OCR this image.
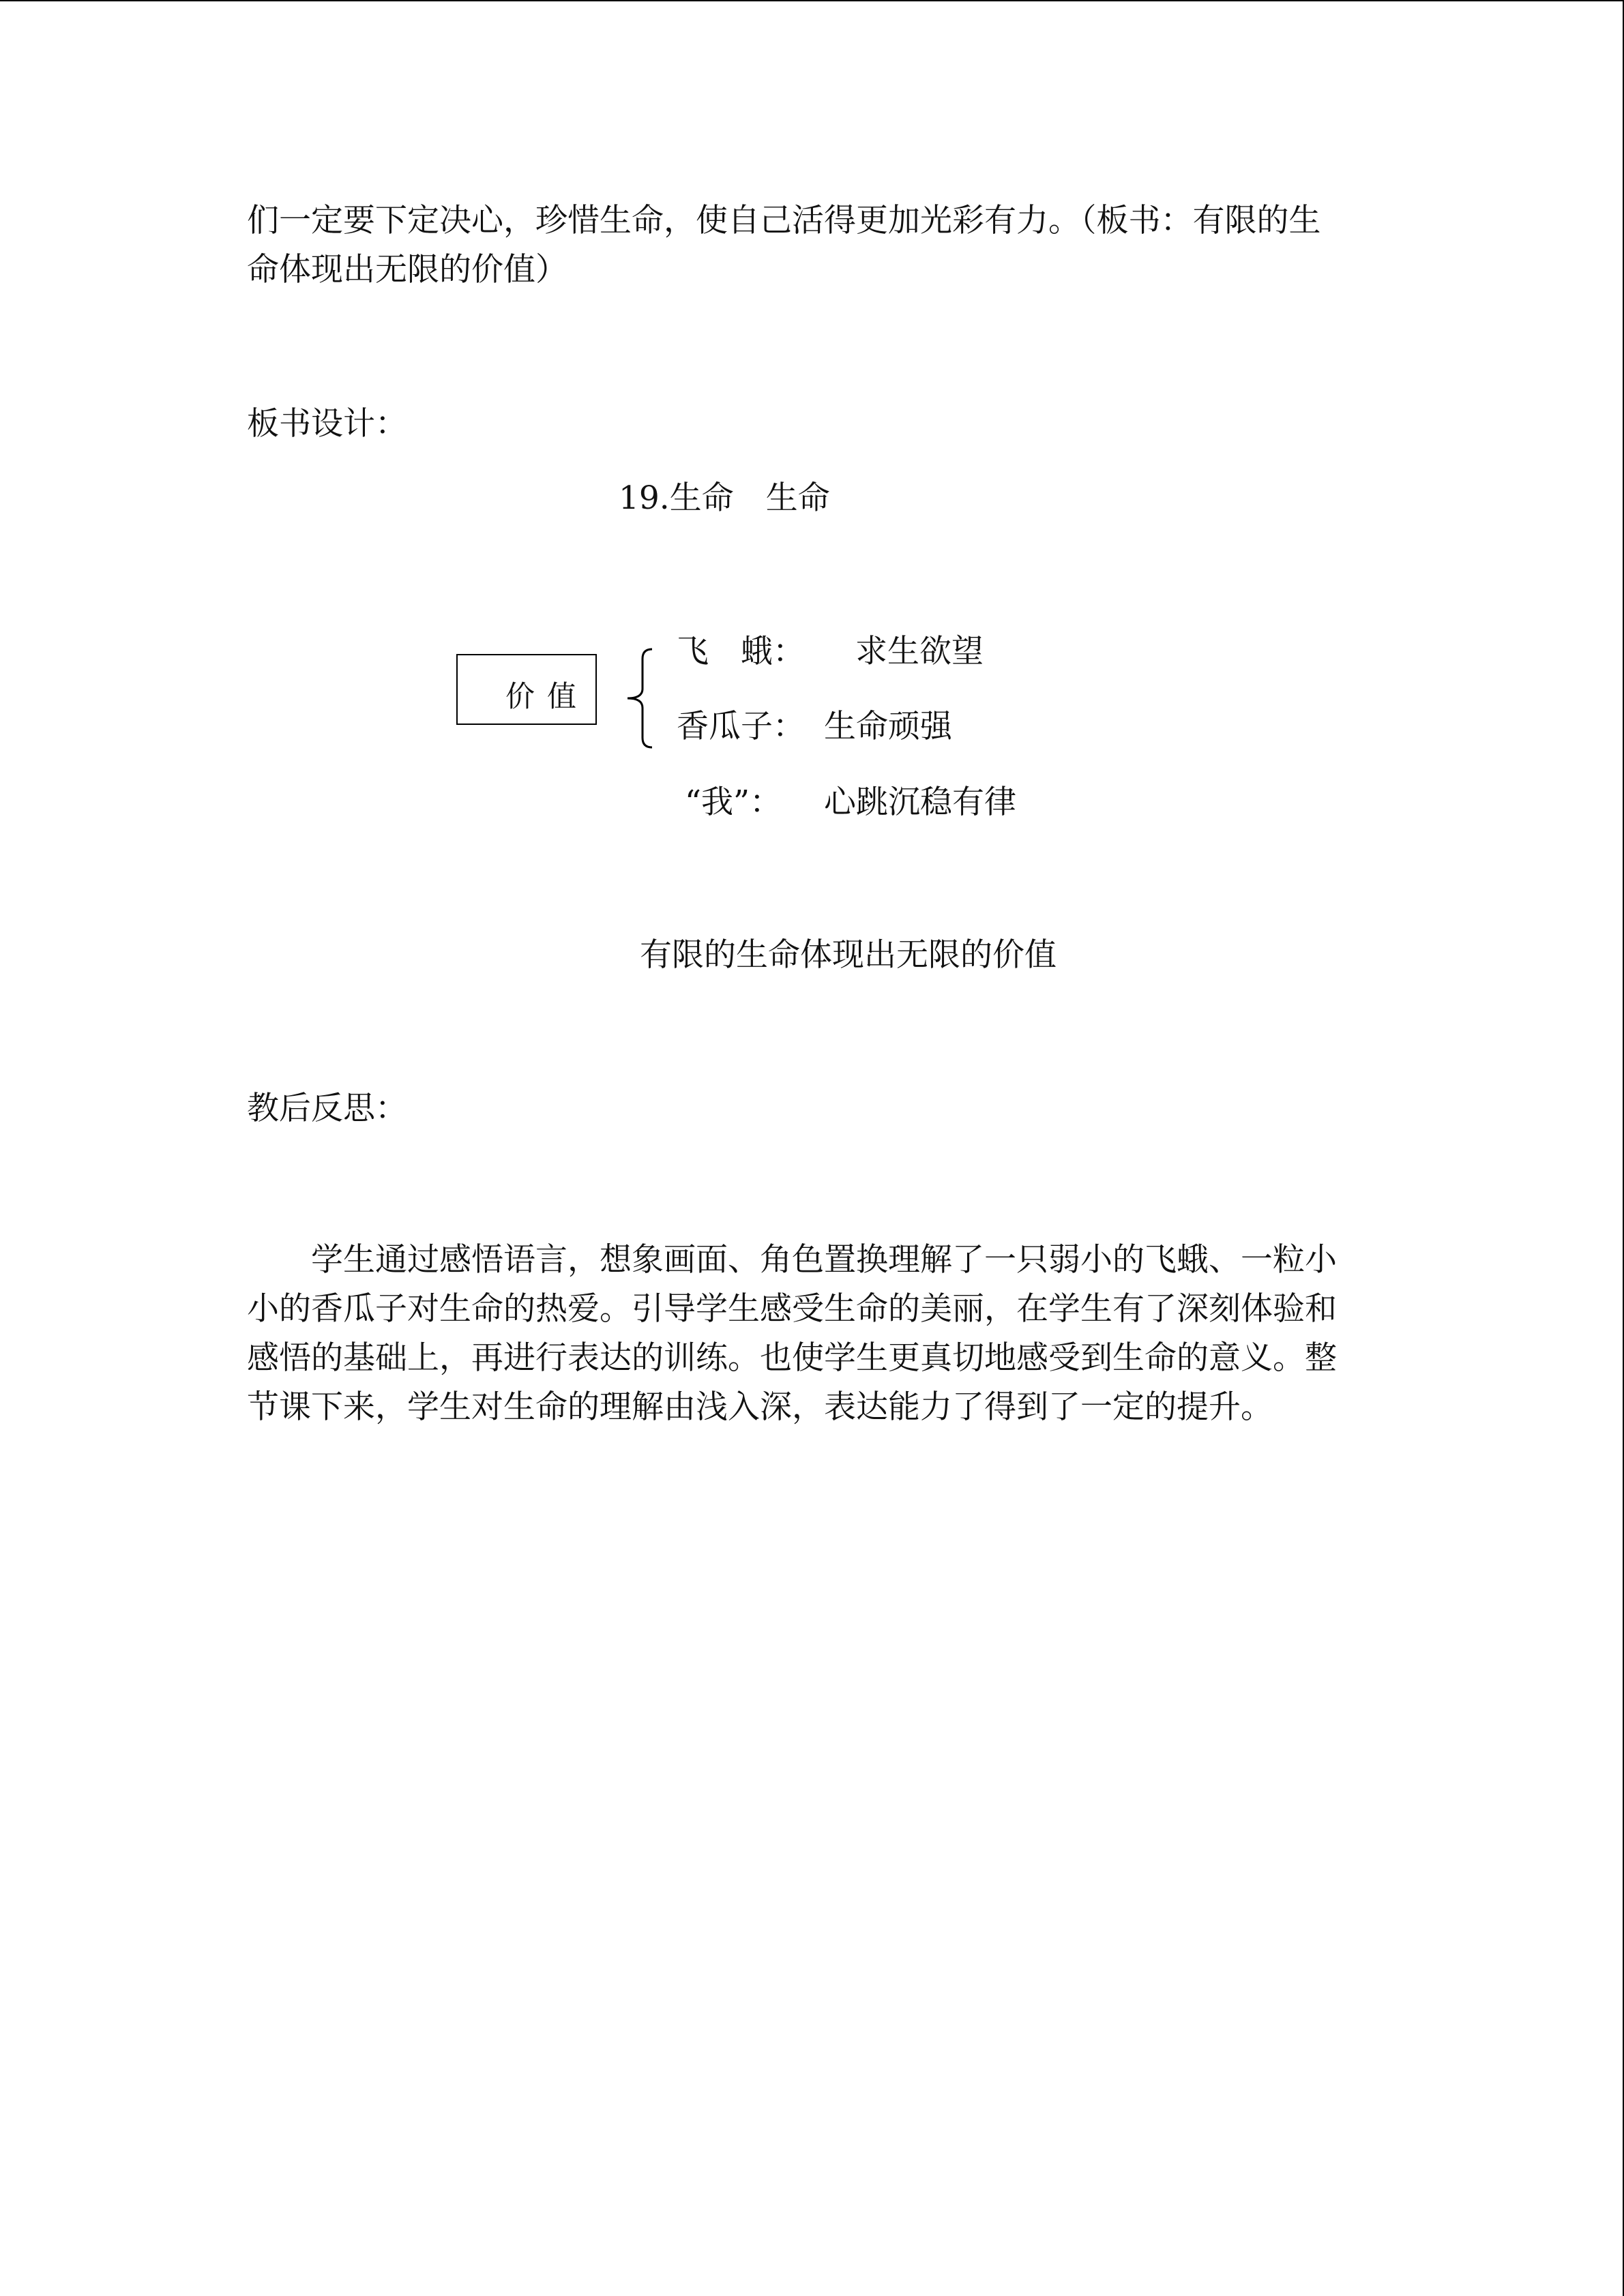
们一定要下定决心，珍惜生命，使自己活得更加光彩有力。（板书：有限的生
命体现出无限的价值）
板书设计：
19.生命　生命
价值
飞　蛾： 求生欲望
香瓜子： 生命顽强
“我”： 心跳沉稳有律
有限的生命体现出无限的价值
教后反思：
学生通过感悟语言，想象画面、角色置换理解了一只弱小的飞蛾、一粒小
小的香瓜子对生命的热爱。引导学生感受生命的美丽，在学生有了深刻体验和
感悟的基础上，再进行表达的训练。也使学生更真切地感受到生命的意义。整
节课下来，学生对生命的理解由浅入深，表达能力了得到了一定的提升。
